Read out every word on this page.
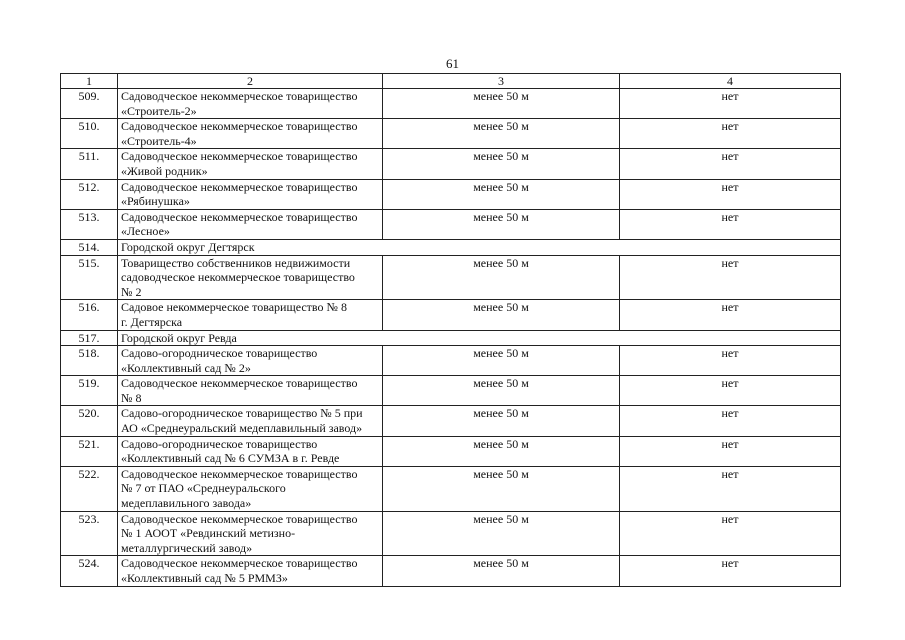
61
1	2	3	4
509.	Садоводческое некоммерческое товарищество
«Строитель-2»	менее 50 м	нет
510.	Садоводческое некоммерческое товарищество
«Строитель-4»	менее 50 м	нет
511.	Садоводческое некоммерческое товарищество
«Живой родник»	менее 50 м	нет
512.	Садоводческое некоммерческое товарищество
«Рябинушка»	менее 50 м	нет
513.	Садоводческое некоммерческое товарищество
«Лесное»	менее 50 м	нет
514.	Городской округ Дегтярск		
515.	Товарищество собственников недвижимости
садоводческое некоммерческое товарищество
№ 2	менее 50 м	нет
516.	Садовое некоммерческое товарищество № 8
г. Дегтярска	менее 50 м	нет
517.	Городской округ Ревда		
518.	Садово-огородническое товарищество
«Коллективный сад № 2»	менее 50 м	нет
519.	Садоводческое некоммерческое товарищество
№ 8	менее 50 м	нет
520.	Садово-огородническое товарищество № 5 при
АО «Среднеуральский медеплавильный завод»	менее 50 м	нет
521.	Садово-огородническое товарищество
«Коллективный сад № 6 СУМЗА в г. Ревде	менее 50 м	нет
522.	Садоводческое некоммерческое товарищество
№ 7 от ПАО «Среднеуральского
медеплавильного завода»	менее 50 м	нет
523.	Садоводческое некоммерческое товарищество
№ 1 АООТ «Ревдинский метизно-
металлургический завод»	менее 50 м	нет
524.	Садоводческое некоммерческое товарищество
«Коллективный сад № 5 РММЗ»	менее 50 м	нет
